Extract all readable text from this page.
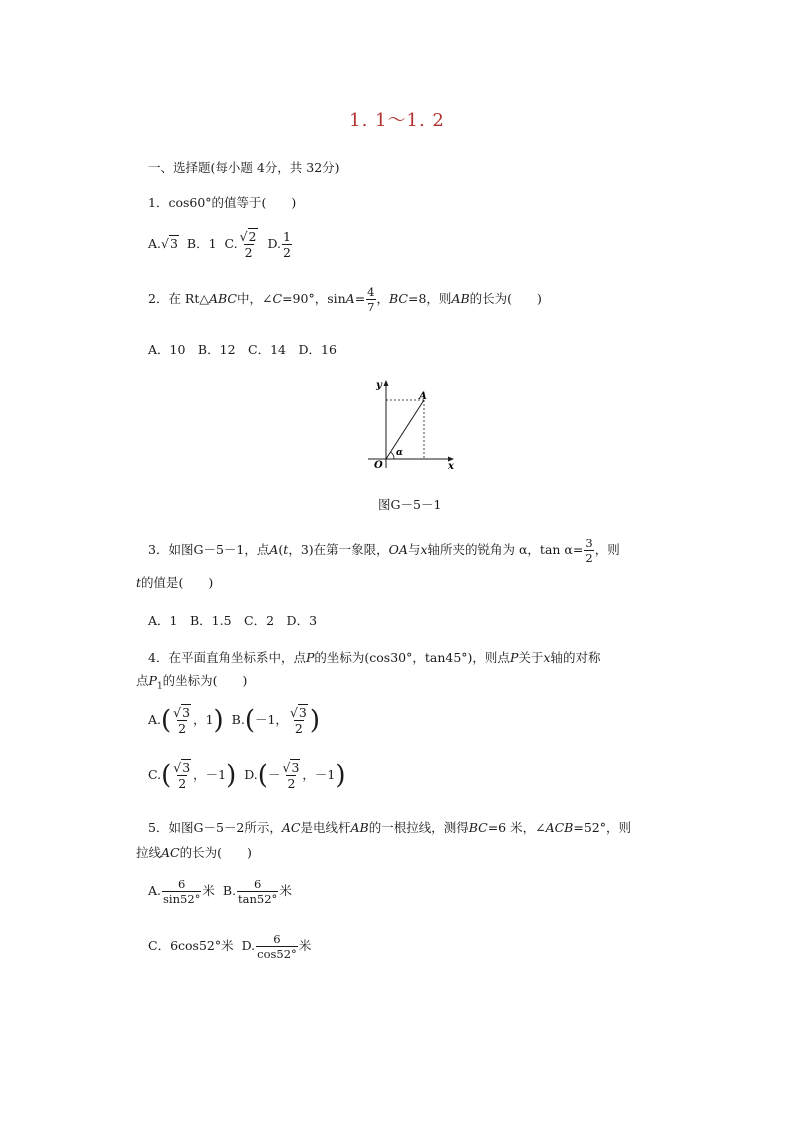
1. 1～1. 2
一、选择题(每小题 4分，共 32分)
1．cos60°的值等于(　　)
A.√3 B．1 C. $\frac{√2}{2} D$. $\frac{1}{2}$
2．在 Rt△ABC中，∠C=90°，$\sin A= \frac{4}{7}$ ，BC=8，则AB的长为(　　)
A．10　B．12　C．14　D．16
y
x
O
A
α
图G－5－1
3．如图G－5－1，点A(t，3)在第一象限，OA与x轴所夹的锐角为 α，$\tan \alpha= \frac{3}{2}$ ，则
t的值是(　　)
A．1　B．1.5　C．2　D．3
4．在平面直角坐标系中，点P的坐标为(cos30°，tan45°)，则点P关于x轴的对称
点$P_1$的坐标为(　　)
$A.( \frac{√3}{2}$ ，1) B.(－1， $\frac{√3}{2}$ )
$C.( \frac{√3}{2}$ ，－1) $D.(- \frac{√3}{2}$ ，－1)
5．如图G－5－2所示，AC是电线杆AB的一根拉线，测得BC=6 米，∠ACB=52°，则
拉线AC的长为(　　)
A. $\frac{6}{\sin 52^\circ}$ 米 B. $\frac{6}{\tan 52^\circ}$ 米
C．6cos52°米 D. $\frac{6}{\cos 52^\circ}$ 米
